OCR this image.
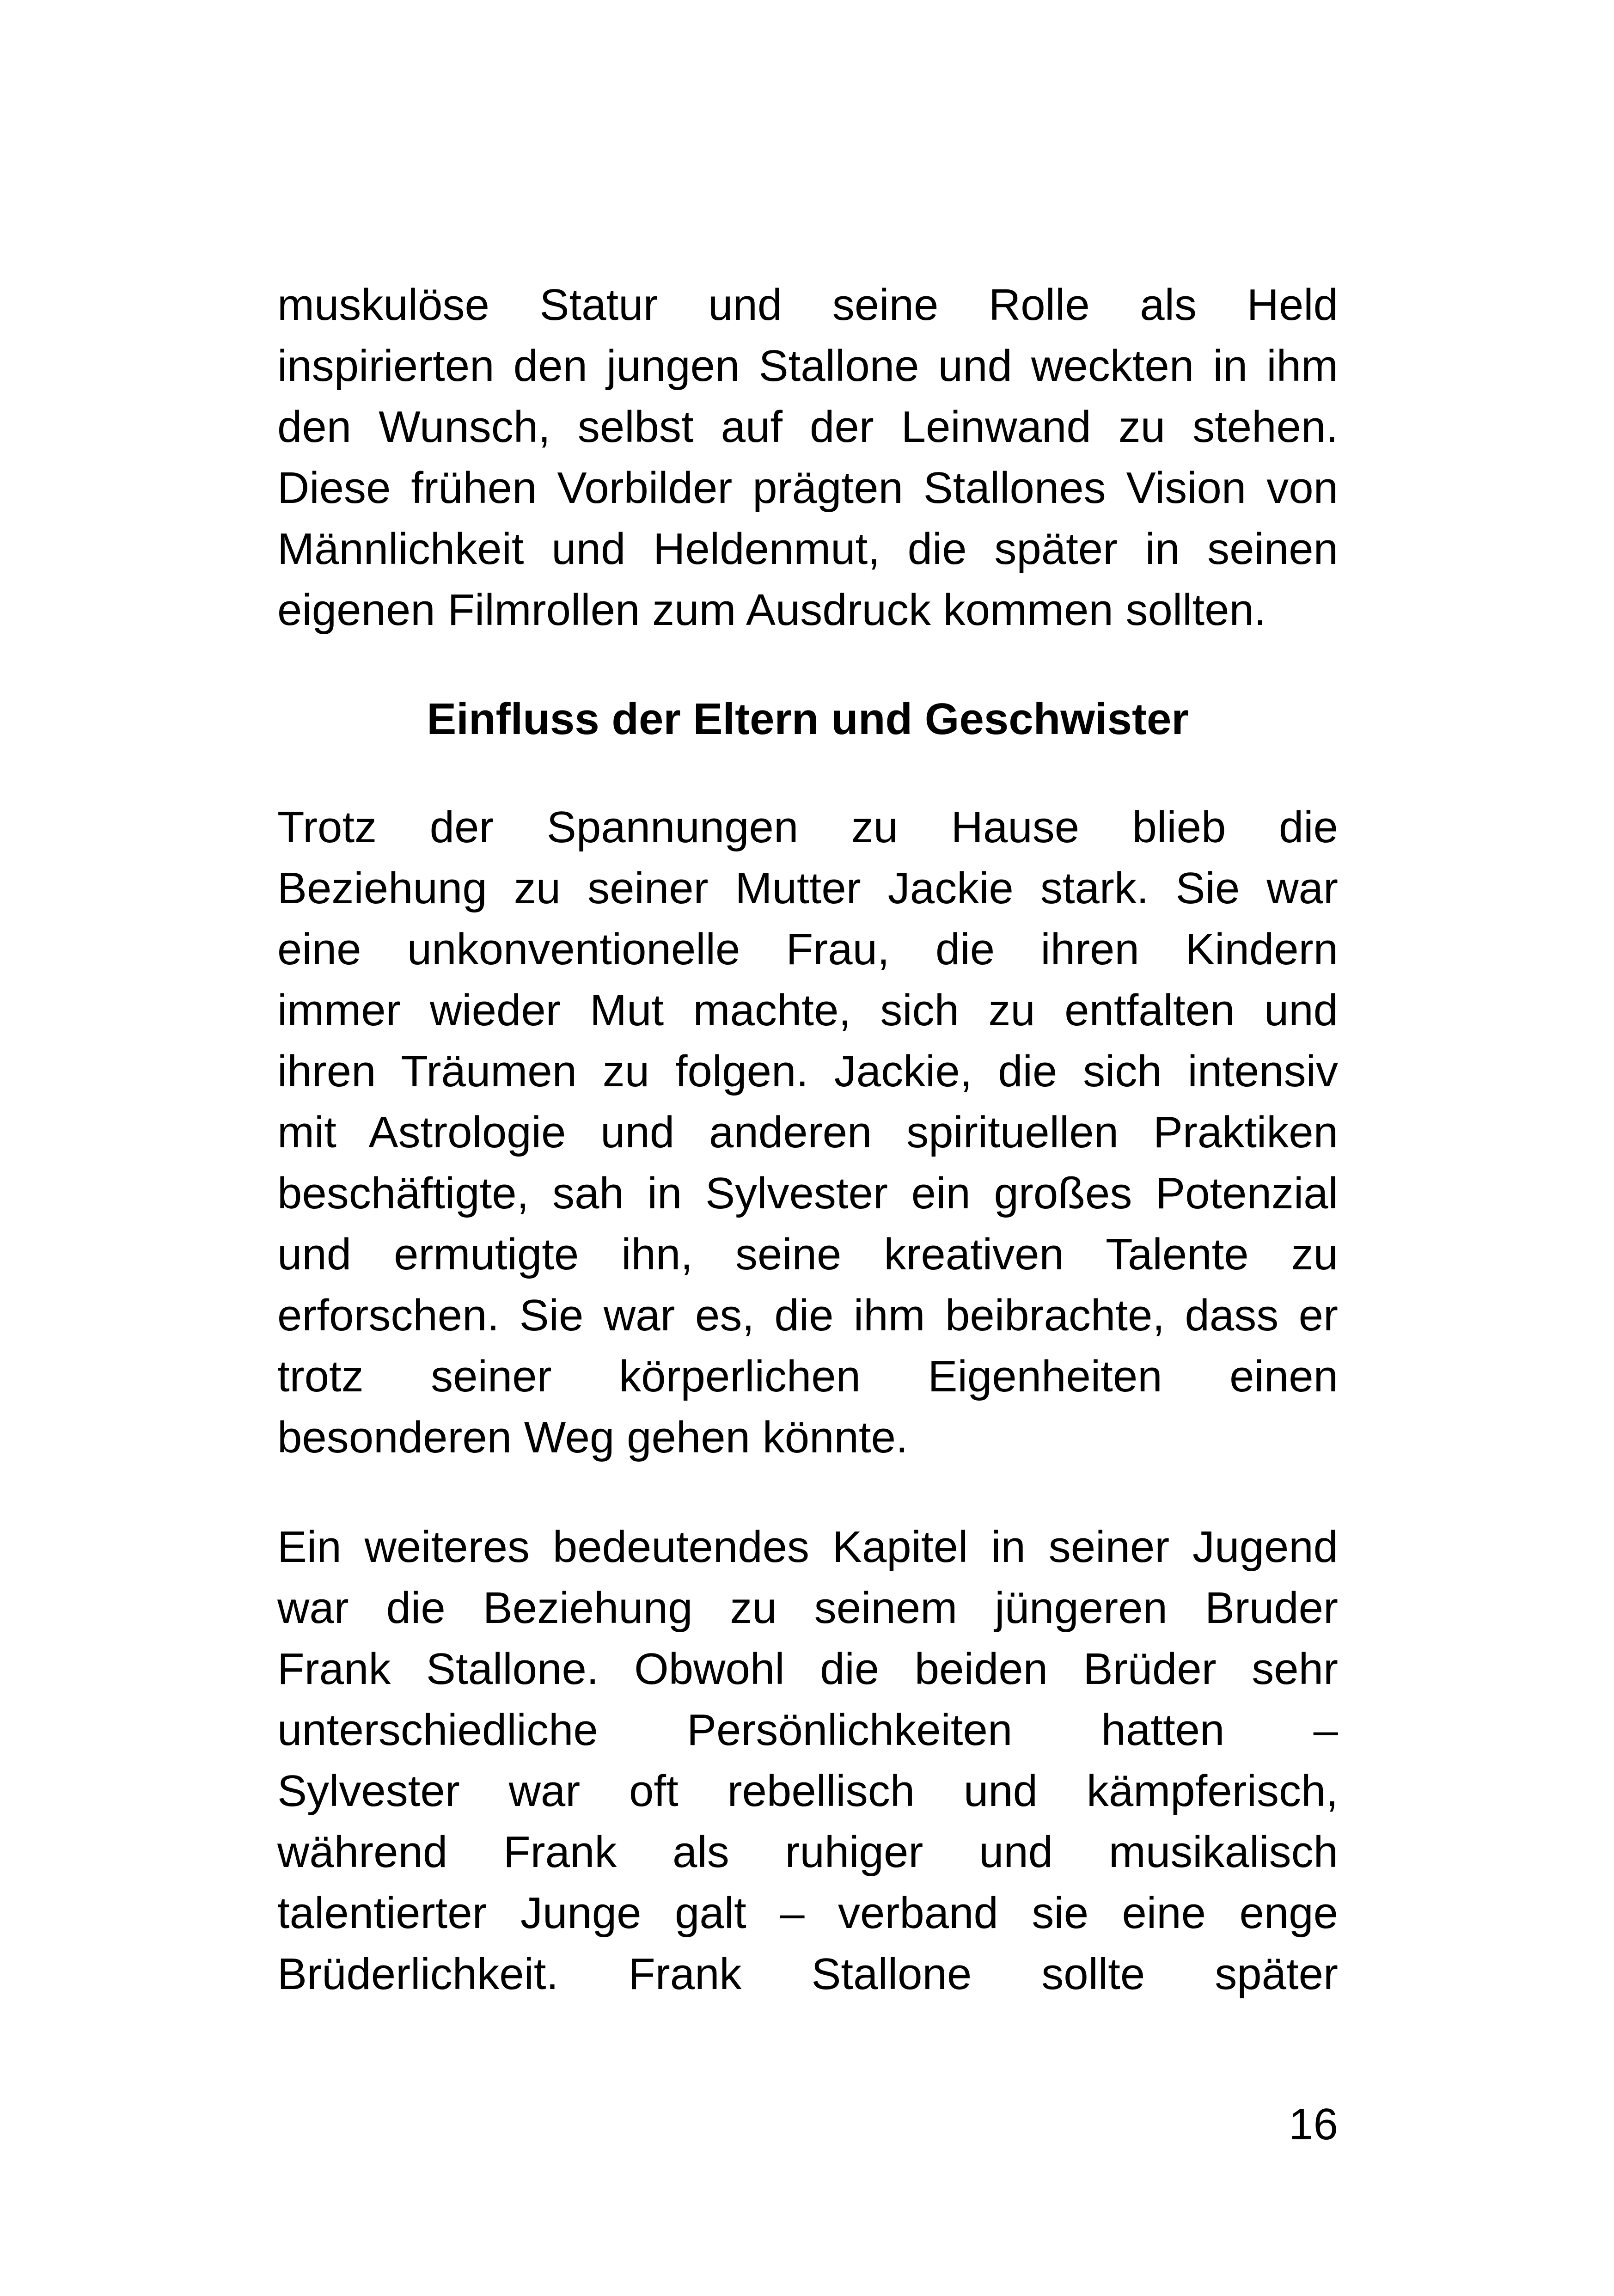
muskulöse Statur und seine Rolle als Held
inspirierten den jungen Stallone und weckten in ihm
den Wunsch, selbst auf der Leinwand zu stehen.
Diese frühen Vorbilder prägten Stallones Vision von
Männlichkeit und Heldenmut, die später in seinen
eigenen Filmrollen zum Ausdruck kommen sollten.
Einfluss der Eltern und Geschwister
Trotz der Spannungen zu Hause blieb die
Beziehung zu seiner Mutter Jackie stark. Sie war
eine unkonventionelle Frau, die ihren Kindern
immer wieder Mut machte, sich zu entfalten und
ihren Träumen zu folgen. Jackie, die sich intensiv
mit Astrologie und anderen spirituellen Praktiken
beschäftigte, sah in Sylvester ein großes Potenzial
und ermutigte ihn, seine kreativen Talente zu
erforschen. Sie war es, die ihm beibrachte, dass er
trotz seiner körperlichen Eigenheiten einen
besonderen Weg gehen könnte.
Ein weiteres bedeutendes Kapitel in seiner Jugend
war die Beziehung zu seinem jüngeren Bruder
Frank Stallone. Obwohl die beiden Brüder sehr
unterschiedliche Persönlichkeiten hatten –
Sylvester war oft rebellisch und kämpferisch,
während Frank als ruhiger und musikalisch
talentierter Junge galt – verband sie eine enge
Brüderlichkeit. Frank Stallone sollte später
16
